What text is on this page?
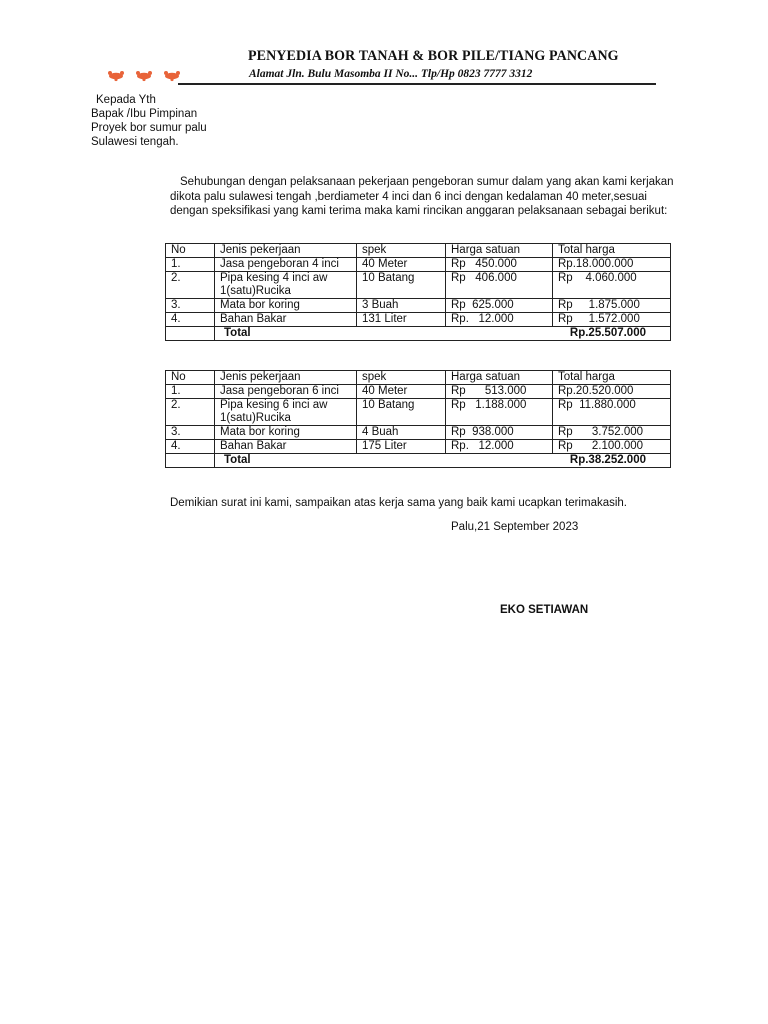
PENYEDIA BOR TANAH & BOR PILE/TIANG PANCANG
Alamat Jln. Bulu Masomba II No... Tlp/Hp 0823 7777 3312
Kepada Yth
Bapak /Ibu Pimpinan
Proyek bor sumur palu
Sulawesi tengah.

Sehubungan dengan pelaksanaan pekerjaan pengeboran sumur dalam yang akan kami kerjakan dikota palu sulawesi tengah ,berdiameter 4 inci dan 6 inci dengan kedalaman 40 meter,sesuai dengan speksifikasi yang kami terima maka kami rincikan anggaran pelaksanaan sebagai berikut:

No	Jenis pekerjaan	spek	Harga satuan	Total harga
1.	Jasa pengeboran 4 inci	40 Meter	Rp   450.000	Rp.18.000.000
2.	Pipa kesing 4 inci aw 1(satu)Rucika	10 Batang	Rp   406.000	Rp    4.060.000
3.	Mata bor koring	3 Buah	Rp  625.000	Rp     1.875.000
4.	Bahan Bakar	131 Liter	Rp.   12.000	Rp     1.572.000
	Total			Rp.25.507.000
No	Jenis pekerjaan	spek	Harga satuan	Total harga
1.	Jasa pengeboran 6 inci	40 Meter	Rp      513.000	Rp.20.520.000
2.	Pipa kesing 6 inci aw 1(satu)Rucika	10 Batang	Rp   1.188.000	Rp  11.880.000
3.	Mata bor koring	4 Buah	Rp  938.000	Rp      3.752.000
4.	Bahan Bakar	175 Liter	Rp.   12.000	Rp      2.100.000
	Total			Rp.38.252.000
Demikian surat ini kami, sampaikan atas kerja sama yang baik kami ucapkan terimakasih.
Palu,21 September 2023
EKO SETIAWAN
